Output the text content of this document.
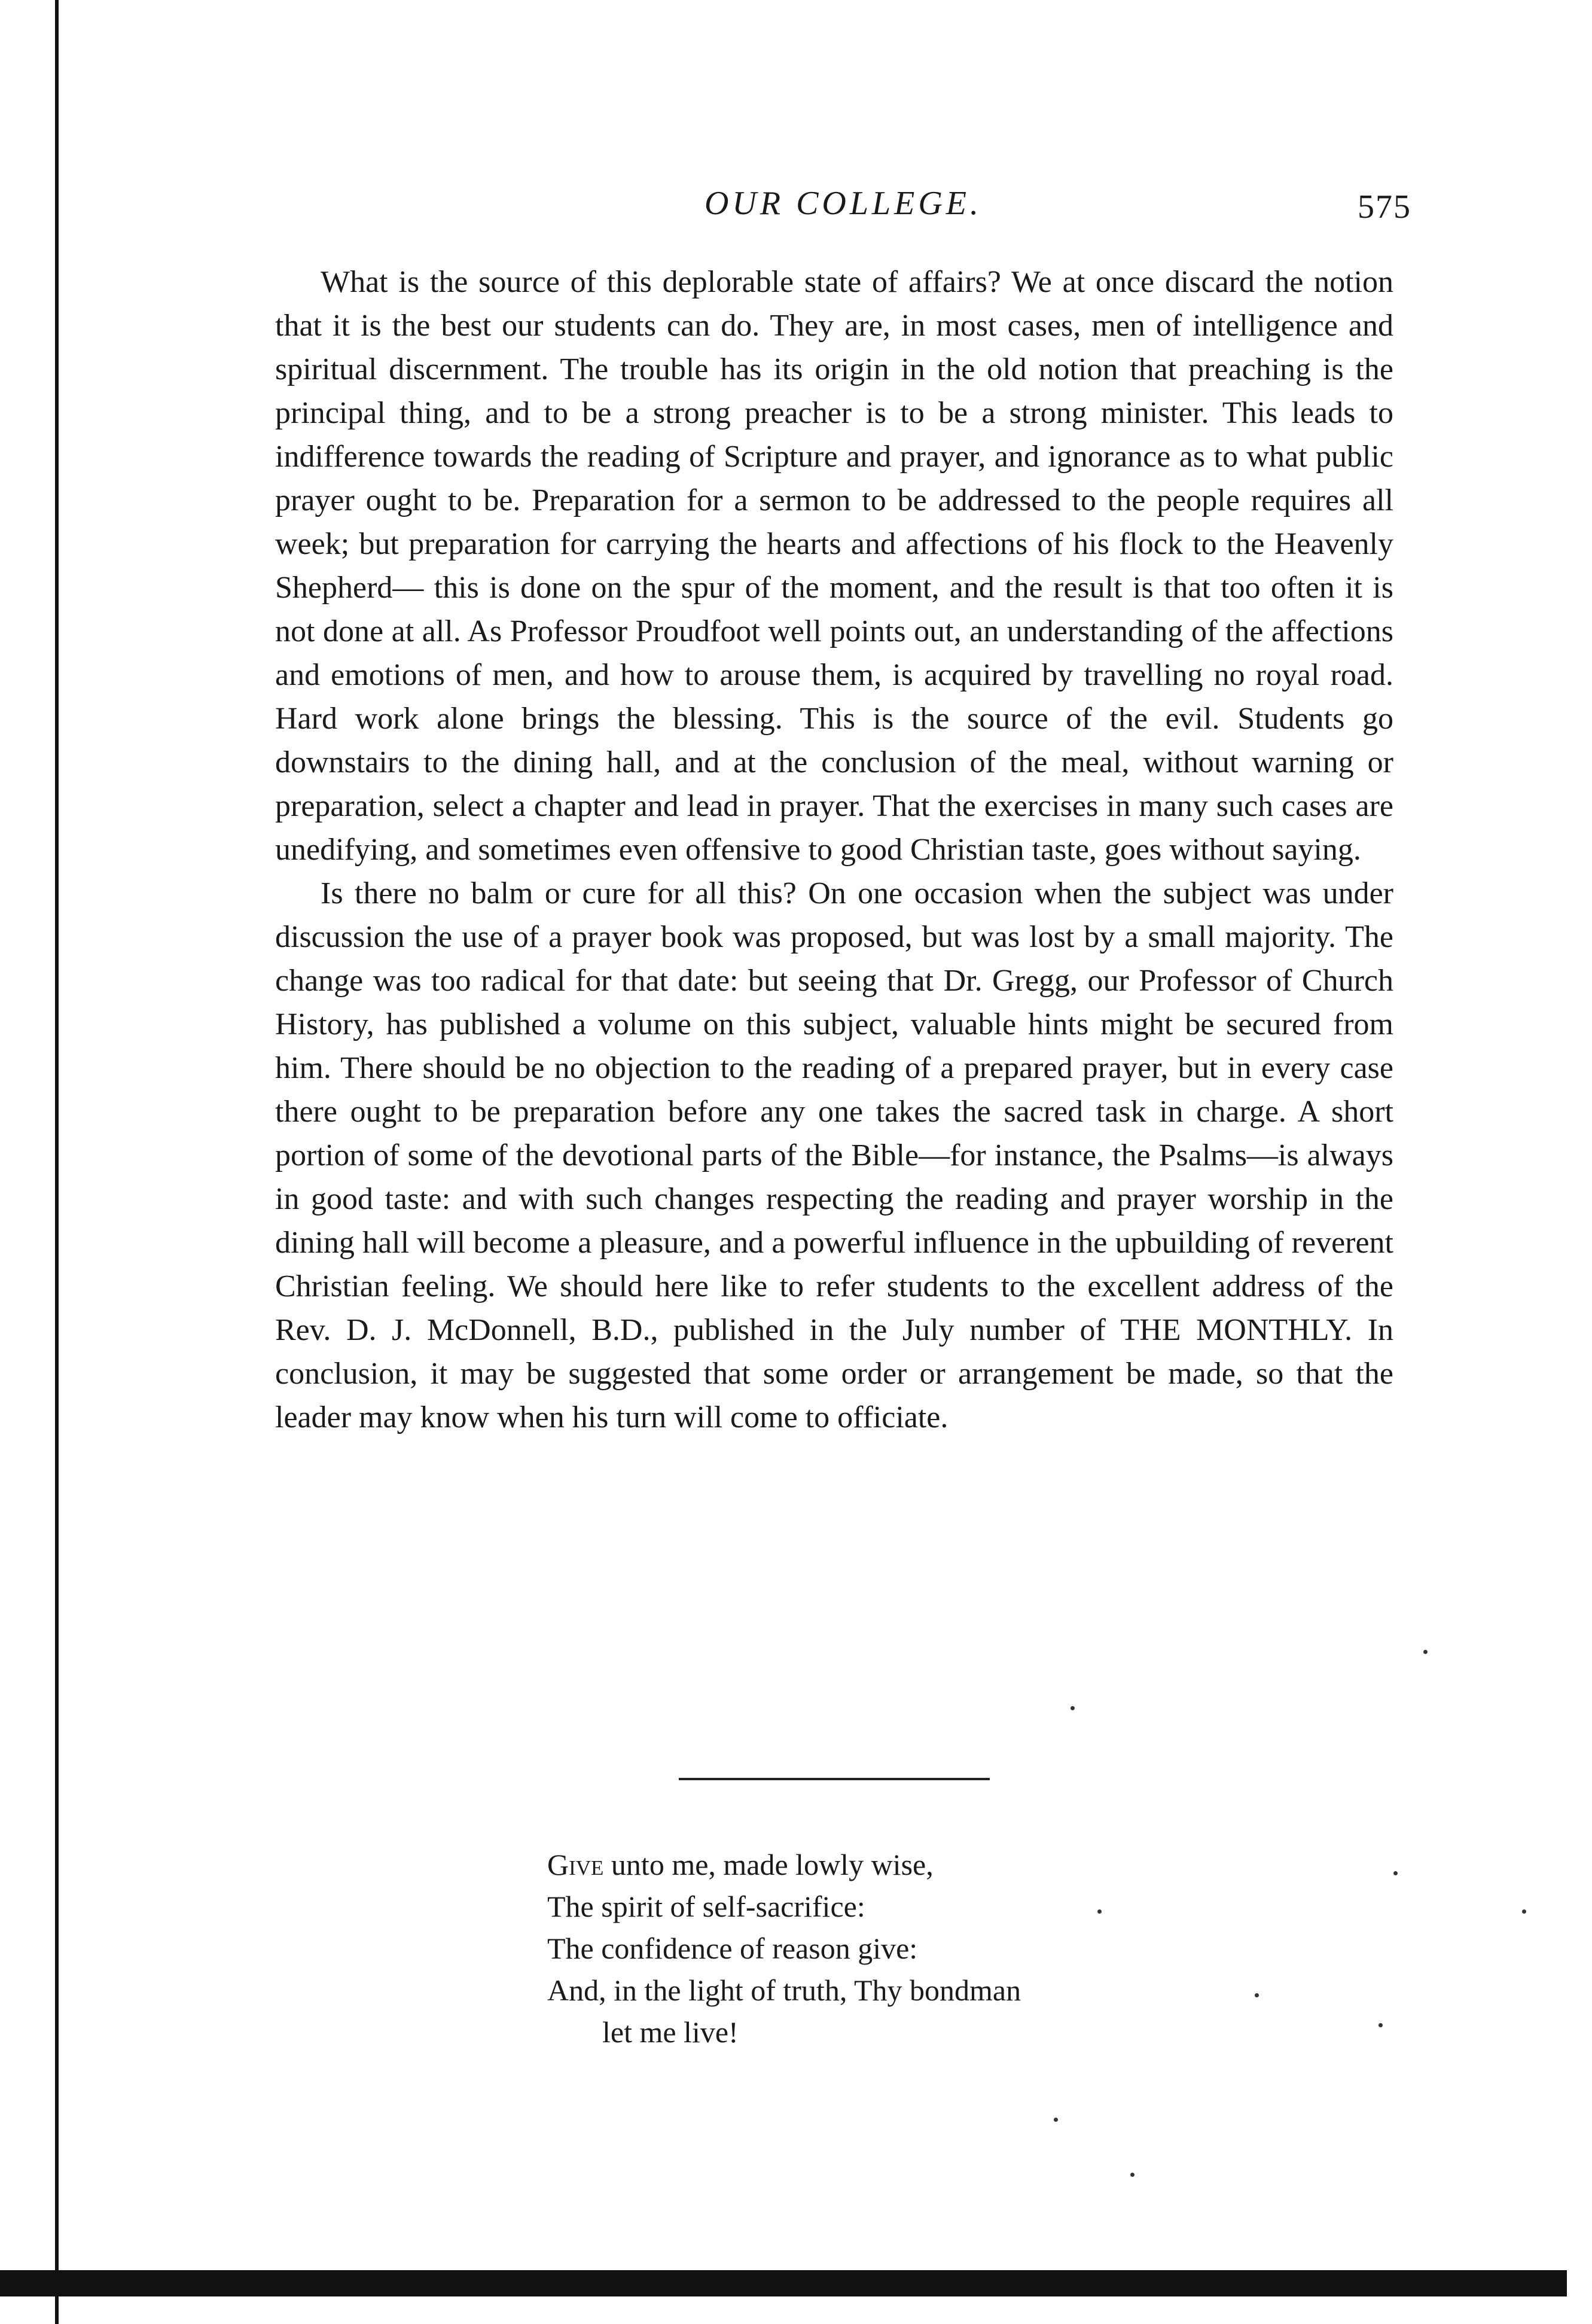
OUR COLLEGE.	575

What is the source of this deplorable state of affairs? We at once discard the notion that it is the best our students can do. They are, in most cases, men of intelligence and spiritual discernment. The trouble has its origin in the old notion that preaching is the principal thing, and to be a strong preacher is to be a strong minister. This leads to indifference towards the reading of Scripture and prayer, and ignorance as to what public prayer ought to be. Preparation for a sermon to be addressed to the people requires all week; but preparation for carrying the hearts and affections of his flock to the Heavenly Shepherd— this is done on the spur of the moment, and the result is that too often it is not done at all. As Professor Proudfoot well points out, an understanding of the affections and emotions of men, and how to arouse them, is acquired by travelling no royal road. Hard work alone brings the blessing. This is the source of the evil. Students go downstairs to the dining hall, and at the conclusion of the meal, without warning or preparation, select a chapter and lead in prayer. That the exercises in many such cases are unedifying, and sometimes even offensive to good Christian taste, goes without saying.

Is there no balm or cure for all this? On one occasion when the subject was under discussion the use of a prayer book was proposed, but was lost by a small majority. The change was too radical for that date: but seeing that Dr. Gregg, our Professor of Church History, has published a volume on this subject, valuable hints might be secured from him. There should be no objection to the reading of a prepared prayer, but in every case there ought to be preparation before any one takes the sacred task in charge. A short portion of some of the devotional parts of the Bible—for instance, the Psalms—is always in good taste: and with such changes respecting the reading and prayer worship in the dining hall will become a pleasure, and a powerful influence in the upbuilding of reverent Christian feeling. We should here like to refer students to the excellent address of the Rev. D. J. McDonnell, B.D., published in the July number of THE MONTHLY. In conclusion, it may be suggested that some order or arrangement be made, so that the leader may know when his turn will come to officiate.

Give unto me, made lowly wise,
The spirit of self-sacrifice:
The confidence of reason give:
And, in the light of truth, Thy bondman
let me live!
